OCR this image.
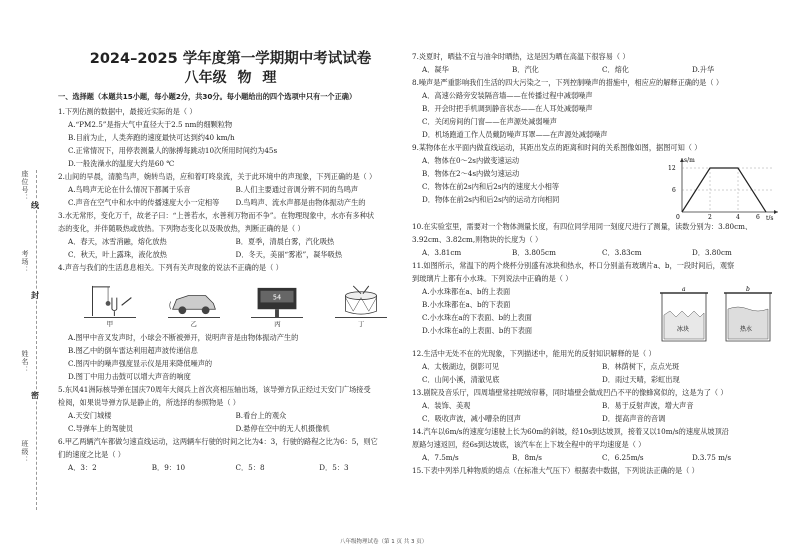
座位号：
考场：
姓名：
班级：
线
封
密
2024–2025 学年度第一学期期中考试试卷
八年级 物 理
一、选择题（本题共15小题，每小题2分，共30分。每小题给出的四个选项中只有一个正确）
1.下列估测的数据中，最接近实际的是（ ）
A.“PM2.5”是指大气中直径大于2.5 nm的细颗粒物
B.目前为止，人类奔跑的速度最快可达到约40 km/h
C.正常情况下，用停表测量人的脉搏每跳动10次所用时间约为45s
D.一般洗澡水的温度大约是60 ℃
2.山间的早晨，清脆鸟声，婉转鸟语，应和着叮咚泉流，关于此环境中的声现象，下列正确的是（ ）
A.鸟鸣声无论在什么情况下都属于乐音	B.人们主要通过音调分辨不同的鸟鸣声
C.声音在空气中和水中的传播速度大小一定相等	D.鸟鸣声、流水声都是由物体振动产生的
3.水无常形，变化万千，故老子曰：“上善若水，水善利万物而不争”。在物理现象中，水亦有多种状
态的变化，并伴随吸热或放热。下列物态变化以及吸放热，判断正确的是（ ）
A．春天，冰雪消融，熔化放热	B．夏季，清晨白雾，汽化吸热
C．秋天，叶上露珠，液化放热	D．冬天，美丽“雾凇”，凝华吸热
4.声音与我们的生活息息相关。下列有关声现象的说法不正确的是（ ）
54
甲	乙	丙	丁
A.图甲中音叉发声时，小球会不断被弹开，说明声音是由物体振动产生的
B.图乙中的倒车雷达利用超声波传递信息
C.图丙中的噪声强度显示仪是用来降低噪声的
D.图丁中用力击鼓可以增大声音的响度
5.东风41洲际核导弹在国庆70周年大阅兵上首次亮相压轴出场，该导弹方队正经过天安门广场接受
检阅，如果说导弹方队是静止的，所选择的参照物是（ ）
A.天安门城楼	B.看台上的观众
C.导弹车上的驾驶员	D.悬停在空中的无人机摄像机
6.甲乙两辆汽车都做匀速直线运动，这两辆车行驶的时间之比为4：3，行驶的路程之比为6：5，则它
们的速度之比是（ ）
A．3：2	B．9：10	C．5：8	D．5：3
7.炎夏时，晒盐不宜与油伞时晒热，这是因为晒在高温下很容易（ ）
A．凝华	B．汽化	C．熔化	D.升华
8.噪声是严重影响我们生活的四大污染之一，下列控制噪声的措施中，相应应的解释正确的是（ ）
A．高速公路旁安装隔音墙——在传播过程中减弱噪声
B．开会时把手机调到静音状态——在人耳处减弱噪声
C．关闭房间的门窗——在声源处减弱噪声
D．机场跑道工作人员戴防噪声耳罩——在声源处减弱噪声
9.某物体在水平面内做直线运动，其距出发点的距离和时间的关系图像如图，据图可知（ ）
A．物体在0～2s内做变速运动
B．物体在2～4s内做匀速运动
C．物体在前2s内和后2s内的速度大小相等
D．物体在前2s内和后2s内的运动方向相同
s/m
t/s
12
6
0	2	4	6
10.在实验室里，需要对一个物体测量长度，有四位同学用同一刻度尺进行了测量，读数分别为：3.80cm、
3.92cm、3.82cm,则物块的长度为（ ）
A．3.81cm	B．3.805cm	C．3.83cm	D．3.80cm
11.如图所示，常温下的两个烧杯分别盛有冰块和热水，杯口分别盖有玻璃片a、b，一段时间后，观察
到玻璃片上都有小水珠。下列说法中正确的是（ ）
A.小水珠都在a、b的上表面
B.小水珠都在a、b的下表面
C.小水珠在a的下表面、b的上表面
D.小水珠在a的上表面、b的下表面
a	b
冰块	热水
12.生活中无处不在的光现象，下列描述中，能用光的反射知识解释的是（ ）
A．太极湖边，倒影可见	B．林荫树下，点点光斑
C．山间小溪，清澈见底	D．雨过天晴，彩虹出现
13.剧院及音乐厅，四周墙壁常挂呢绒帘幕，同时墙壁会做成凹凸不平的像蜂窝似的，这是为了（ ）
A．装饰、美观	B．易于反射声波，增大声音
C．吸收声波，减小嘈杂的回声	D．提高声音的音调
14.汽车以6m/s的速度匀速驶上长为60m的斜坡，经10s到达坡顶，接着又以10m/s的速度从坡顶沿
原路匀速返回，经6s到达坡底，该汽车在上下坡全程中的平均速度是（ ）
A．7.5m/s	B．8m/s	C．6.25m/s	D.3.75 m/s
15.下表中列举几种物质的熔点（在标准大气压下）根据表中数据，下列说法正确的是（ ）
八年级物理试卷（第 1 页 共 3 页）
